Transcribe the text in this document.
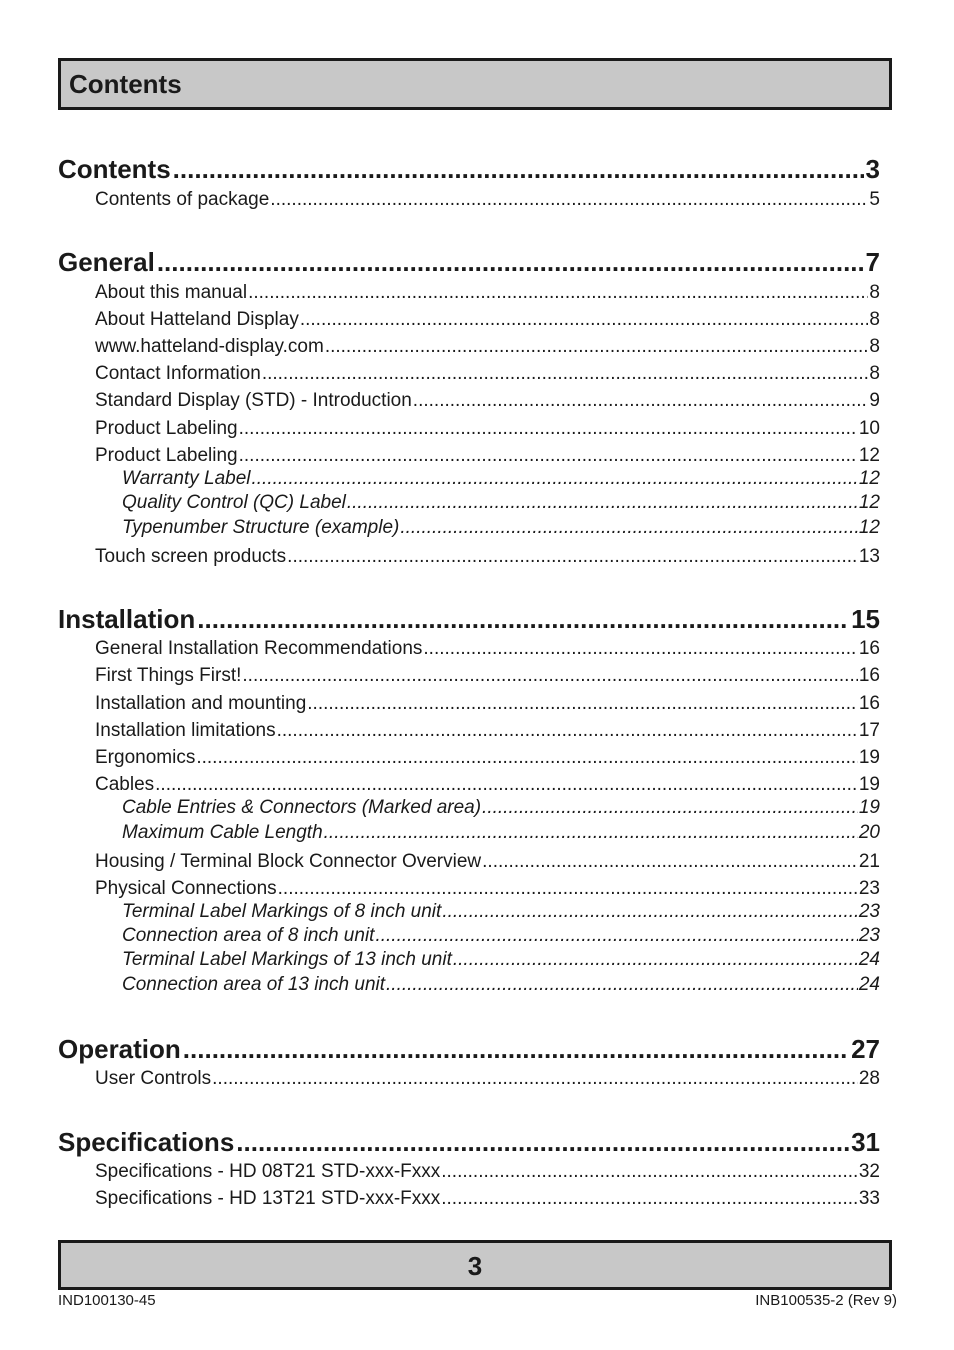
Contents
Contents .....	3
Contents of package .....	5
General .....	7
About this manual .....	8
About Hatteland Display .....	8
www.hatteland-display.com .....	8
Contact Information .....	8
Standard Display (STD) - Introduction .....	9
Product Labeling .....	10
Product Labeling .....	12
Warranty Label .....	12
Quality Control (QC) Label .....	12
Typenumber Structure (example) .....	12
Touch screen products .....	13
Installation .....	15
General Installation Recommendations .....	16
First Things First! .....	16
Installation and mounting .....	16
Installation limitations .....	17
Ergonomics .....	19
Cables .....	19
Cable Entries & Connectors (Marked area) .....	19
Maximum Cable Length .....	20
Housing / Terminal Block Connector Overview .....	21
Physical Connections .....	23
Terminal Label Markings of 8 inch unit .....	23
Connection area of 8 inch unit .....	23
Terminal Label Markings of 13 inch unit .....	24
Connection area of 13 inch unit .....	24
Operation .....	27
User Controls .....	28
Specifications .....	31
Specifications - HD 08T21 STD-xxx-Fxxx .....	32
Specifications - HD 13T21 STD-xxx-Fxxx .....	33
3
IND100130-45	INB100535-2 (Rev 9)
